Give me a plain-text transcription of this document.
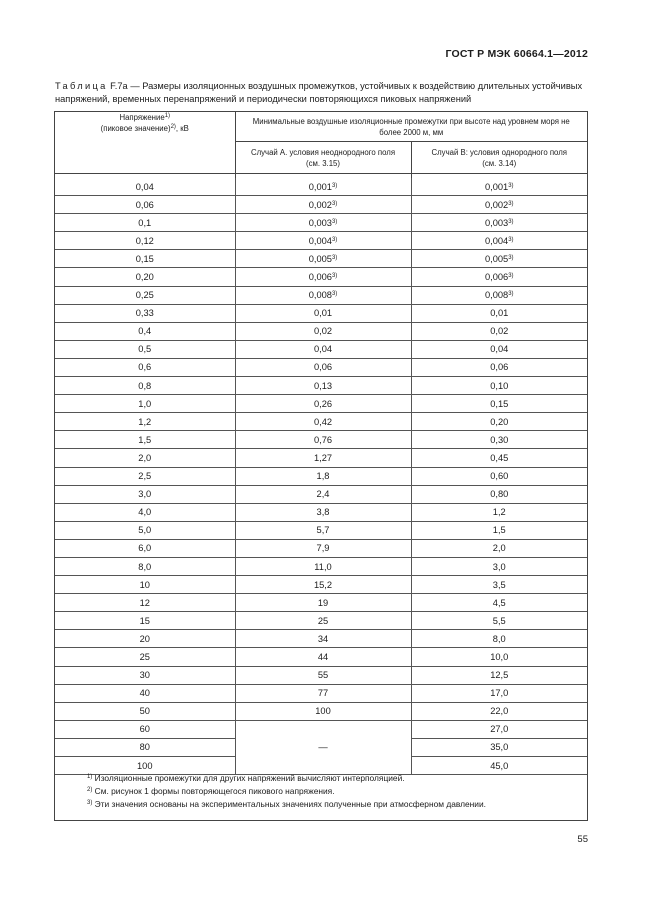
ГОСТ Р МЭК 60664.1—2012
Таблица F.7a — Размеры изоляционных воздушных промежутков, устойчивых к воздействию длительных устойчивых напряжений, временных перенапряжений и периодически повторяющихся пиковых напряжений
Напряжение$^{1)}$
(пиковое значение)$^{2)}$, кВ	Минимальные воздушные изоляционные промежутки при высоте над уровнем моря не более 2000 м, мм	

	Случай А. условия неоднородного поля (см. 3.15)	Случай В: условия однородного поля (см. 3.14)

0,04	0,001$^{3)}$	0,001$^{3)}$
0,06	0,002$^{3)}$	0,002$^{3)}$
0,1	0,003$^{3)}$	0,003$^{3)}$
0,12	0,004$^{3)}$	0,004$^{3)}$
0,15	0,005$^{3)}$	0,005$^{3)}$
0,20	0,006$^{3)}$	0,006$^{3)}$
0,25	0,008$^{3)}$	0,008$^{3)}$
0,33	0,01	0,01
0,4	0,02	0,02
0,5	0,04	0,04
0,6	0,06	0,06
0,8	0,13	0,10
1,0	0,26	0,15
1,2	0,42	0,20
1,5	0,76	0,30
2,0	1,27	0,45
2,5	1,8	0,60
3,0	2,4	0,80
4,0	3,8	1,2
5,0	5,7	1,5
6,0	7,9	2,0
8,0	11,0	3,0
10	15,2	3,5
12	19	4,5
15	25	5,5
20	34	8,0
25	44	10,0
30	55	12,5
40	77	17,0
50	100	22,0
60	—	27,0
80		35,0
100		45,0
$^{1)}$ Изоляционные промежутки для других напряжений вычисляют интерполяцией.
$^{2)}$ См. рисунок 1 формы повторяющегося пикового напряжения.
$^{3)}$ Эти значения основаны на экспериментальных значениях полученные при атмосферном давлении.
55
